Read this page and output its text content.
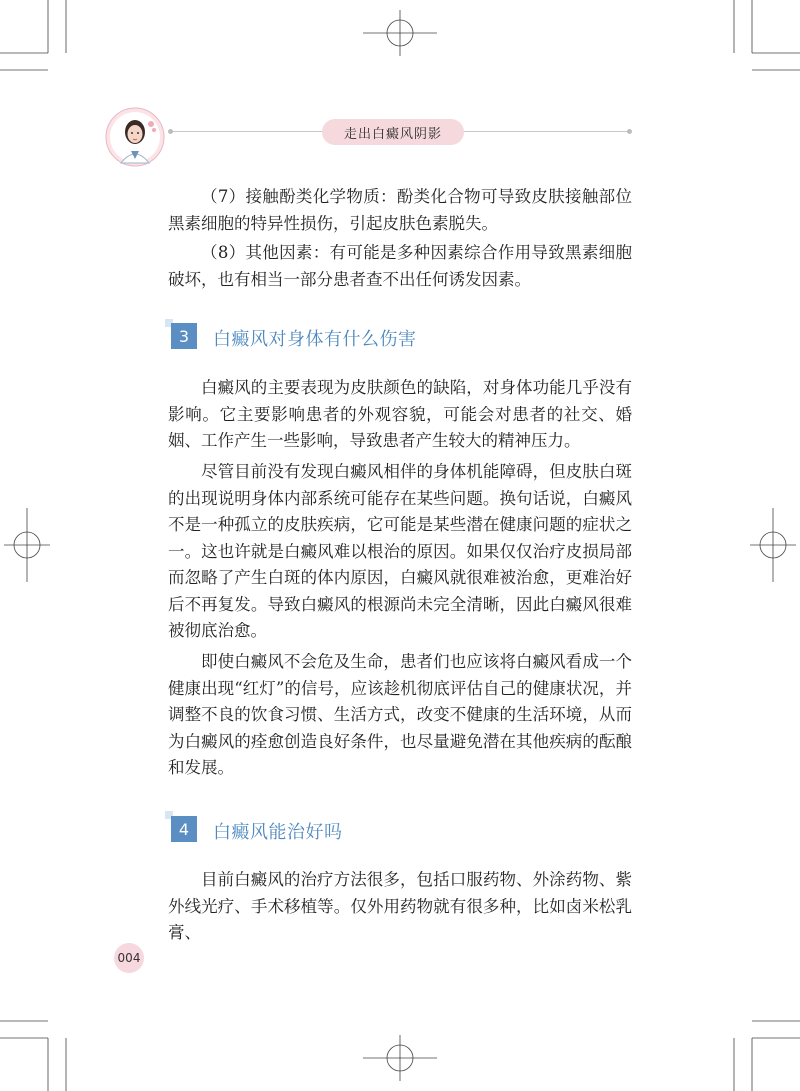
走出白癜风阴影

（7）接触酚类化学物质：酚类化合物可导致皮肤接触部位黑素细胞的特异性损伤，引起皮肤色素脱失。

（8）其他因素：有可能是多种因素综合作用导致黑素细胞破坏，也有相当一部分患者查不出任何诱发因素。

3	白癜风对身体有什么伤害

白癜风的主要表现为皮肤颜色的缺陷，对身体功能几乎没有影响。它主要影响患者的外观容貌，可能会对患者的社交、婚姻、工作产生一些影响，导致患者产生较大的精神压力。

尽管目前没有发现白癜风相伴的身体机能障碍，但皮肤白斑的出现说明身体内部系统可能存在某些问题。换句话说，白癜风不是一种孤立的皮肤疾病，它可能是某些潜在健康问题的症状之一。这也许就是白癜风难以根治的原因。如果仅仅治疗皮损局部而忽略了产生白斑的体内原因，白癜风就很难被治愈，更难治好后不再复发。导致白癜风的根源尚未完全清晰，因此白癜风很难被彻底治愈。

即使白癜风不会危及生命，患者们也应该将白癜风看成一个健康出现“红灯”的信号，应该趁机彻底评估自己的健康状况，并调整不良的饮食习惯、生活方式，改变不健康的生活环境，从而为白癜风的痊愈创造良好条件，也尽量避免潜在其他疾病的酝酿和发展。

4	白癜风能治好吗

目前白癜风的治疗方法很多，包括口服药物、外涂药物、紫外线光疗、手术移植等。仅外用药物就有很多种，比如卤米松乳膏、

004
